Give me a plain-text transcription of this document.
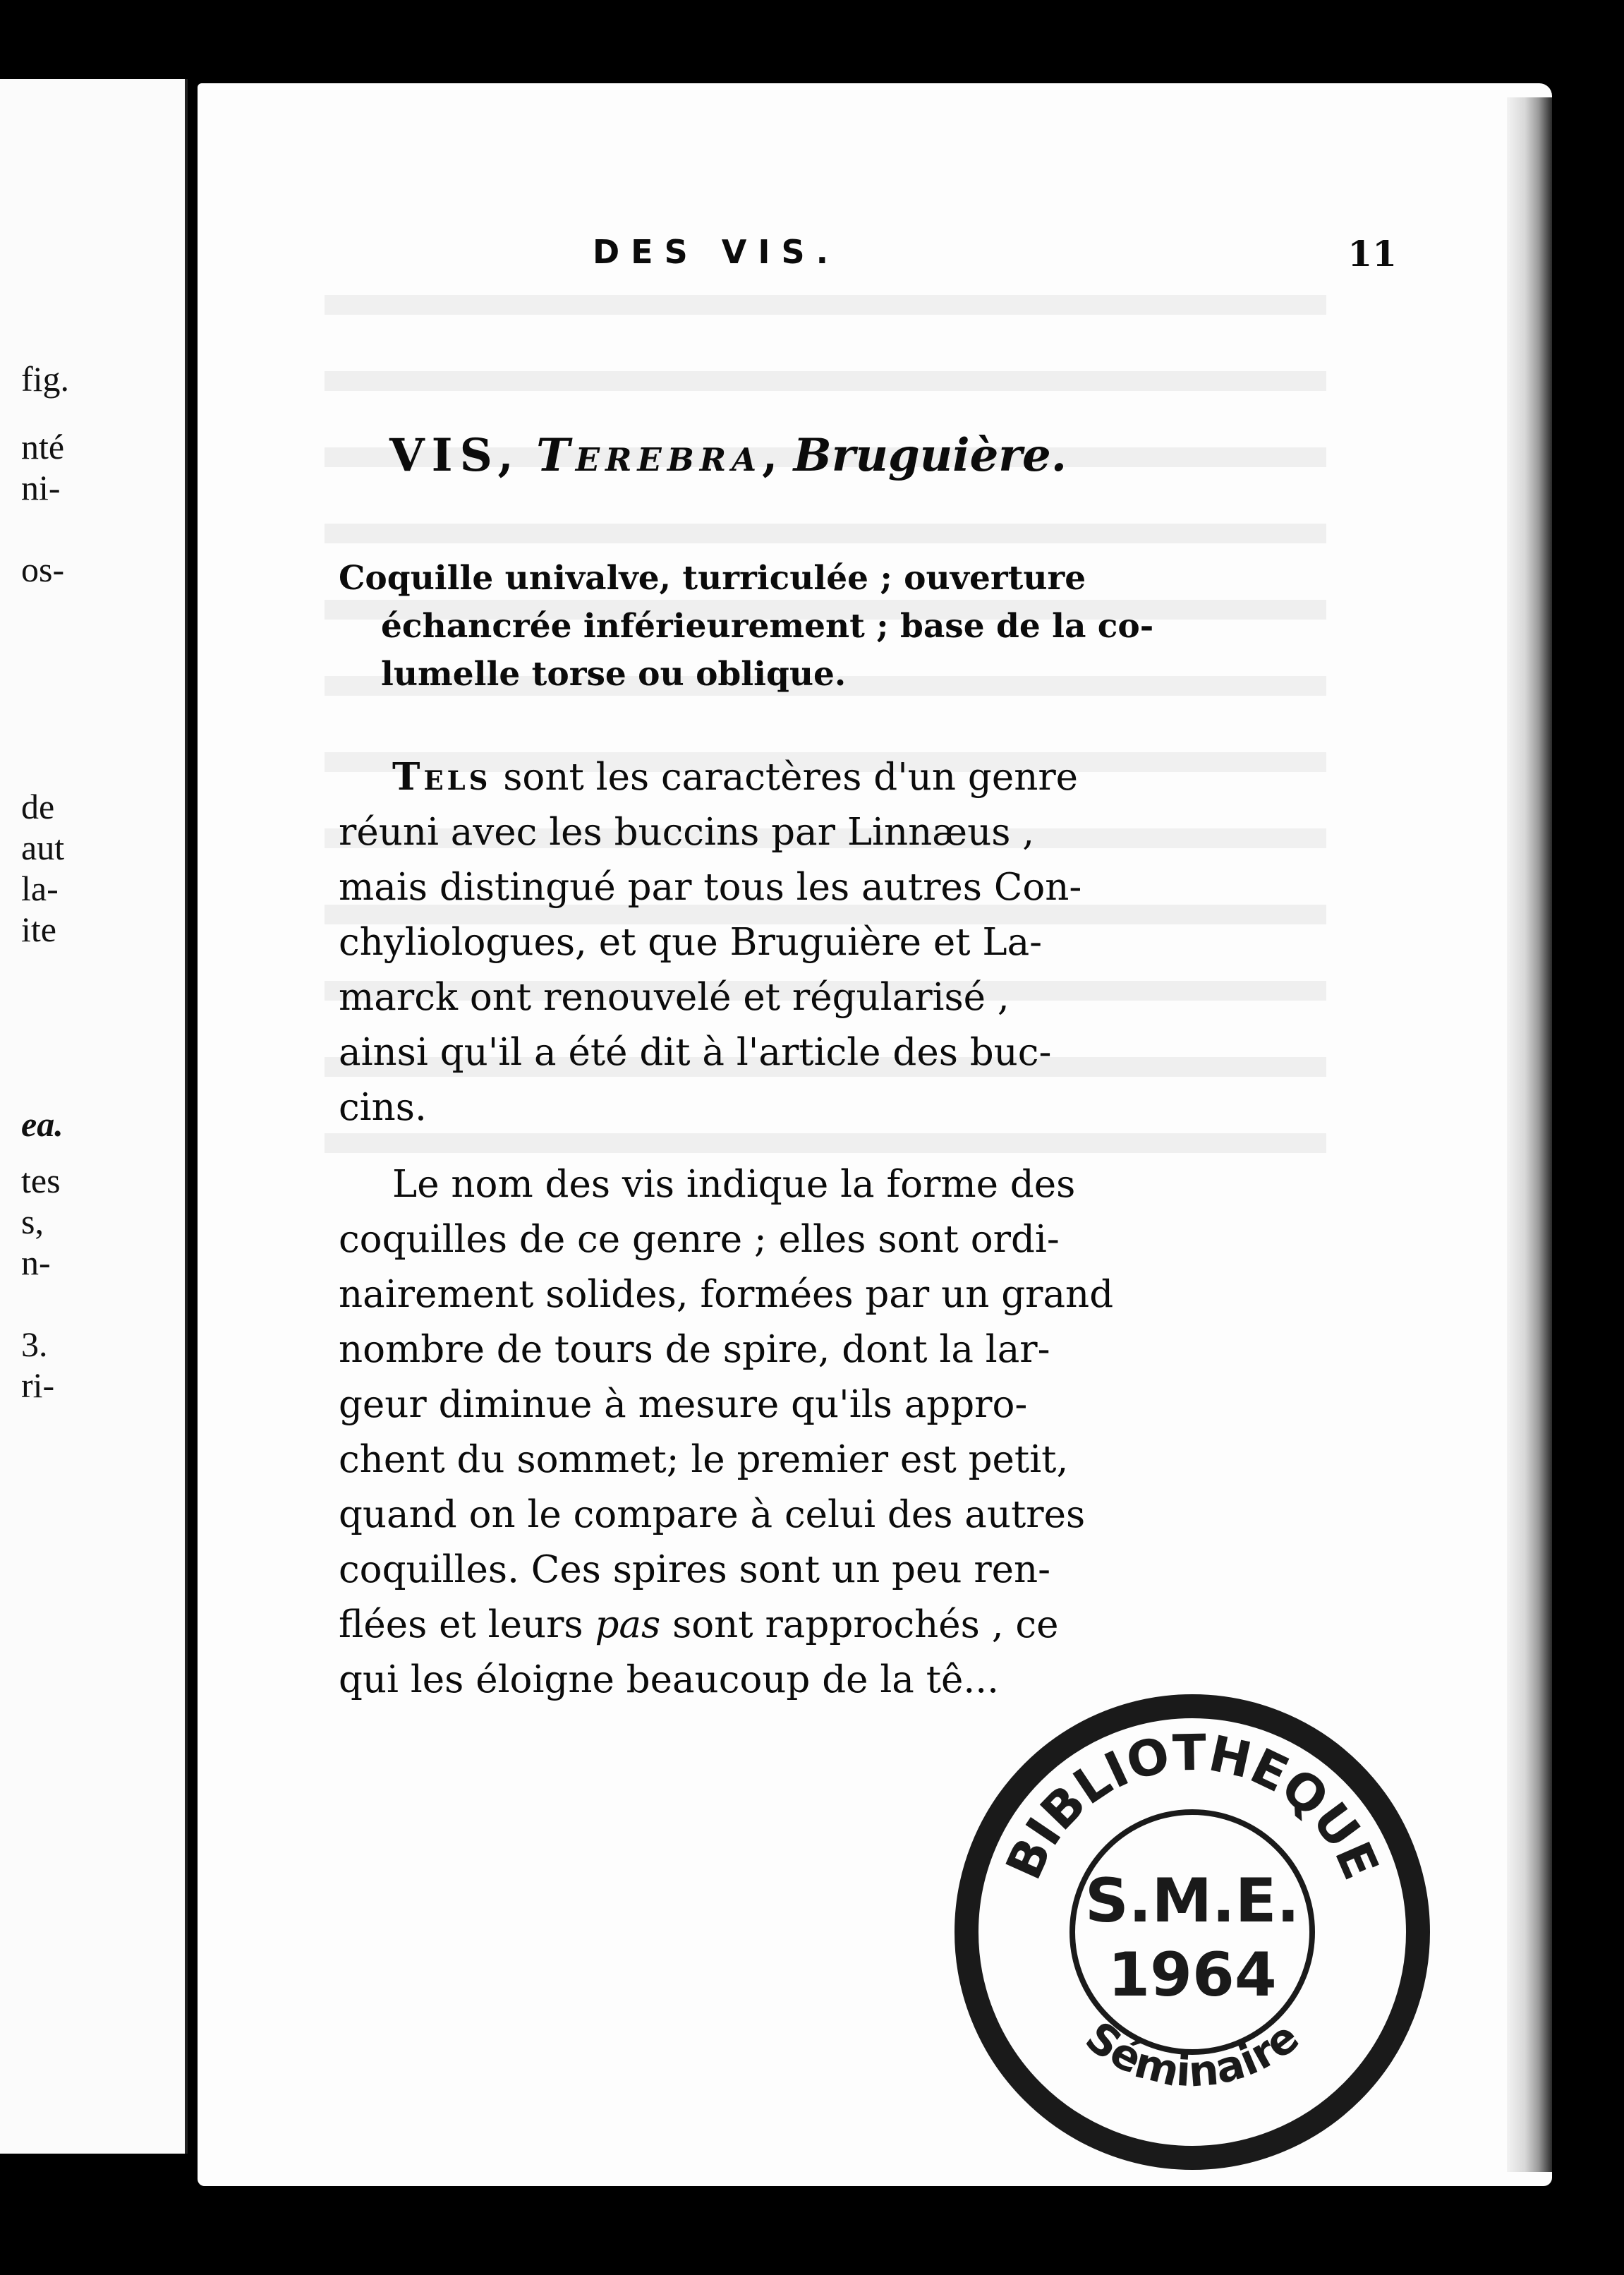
fig.
nté
ni-
os-
de
aut
la-
ite
ea.
tes
s,
n-
3.
ri-
DES VIS.	11
VIS, Terebra, Bruguière.
Coquille univalve, turriculée ; ouverture
échancrée inférieurement ; base de la co-
lumelle torse ou oblique.
Tels sont les caractères d'un genre
réuni avec les buccins par Linnæus ,
mais distingué par tous les autres Con-
chyliologues, et que Bruguière et La-
marck ont renouvelé et régularisé ,
ainsi qu'il a été dit à l'article des buc-
cins.
Le nom des vis indique la forme des
coquilles de ce genre ; elles sont ordi-
nairement solides, formées par un grand
nombre de tours de spire, dont la lar-
geur diminue à mesure qu'ils appro-
chent du sommet; le premier est petit,
quand on le compare à celui des autres
coquilles. Ces spires sont un peu ren-
flées et leurs pas sont rapprochés , ce
qui les éloigne beaucoup de la tê...
BIBLIOTHEQUE
S.M.E.
1964
Séminaire
